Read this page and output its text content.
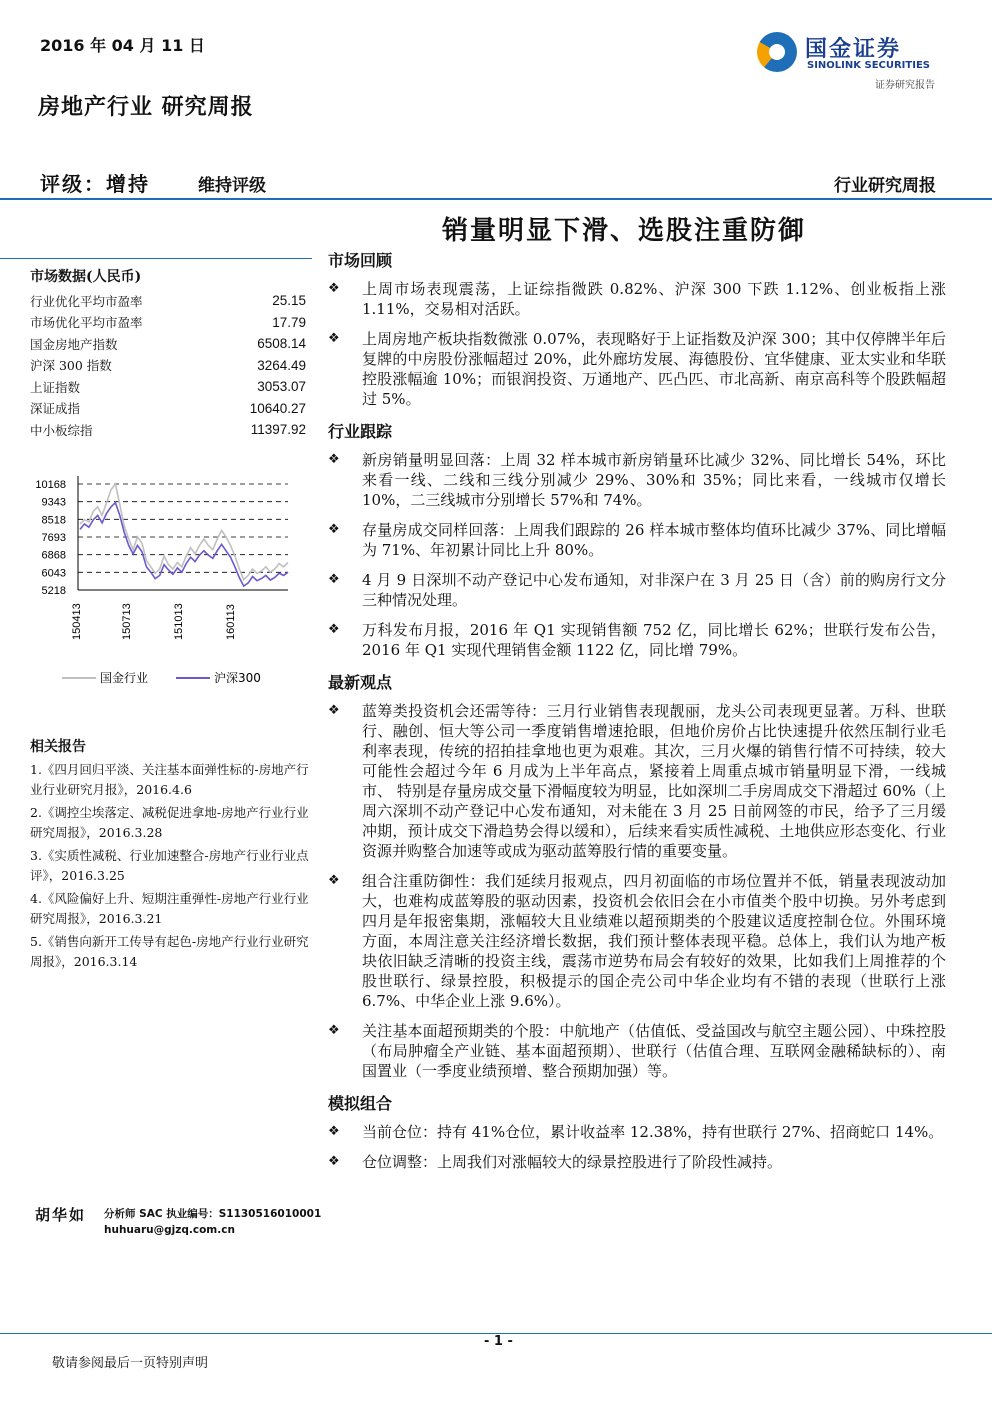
2016 年 04 月 11 日	国金证券
SINOLINK SECURITIES
证券研究报告
房地产行业 研究周报
评级：增持	维持评级	行业研究周报
销量明显下滑、选股注重防御
市场数据(人民币)
行业优化平均市盈率	25.15
市场优化平均市盈率	17.79
国金房地产指数	6508.14
沪深 300 指数	3264.49
上证指数	3053.07
深证成指	10640.27
中小板综指	11397.92
10168
9343
8518
7693
6868
6043
5218
150413	150713	151013	160113
国金行业	沪深300
相关报告
1.《四月回归平淡、关注基本面弹性标的-房地产行业行业研究月报》，2016.4.6
2.《调控尘埃落定、减税促进拿地-房地产行业行业研究周报》，2016.3.28
3.《实质性减税、行业加速整合-房地产行业行业点评》，2016.3.25
4.《风险偏好上升、短期注重弹性-房地产行业行业研究周报》，2016.3.21
5.《销售向新开工传导有起色-房地产行业行业研究周报》，2016.3.14
胡华如 分析师 SAC 执业编号：S1130516010001
huhuaru@gjzq.com.cn
市场回顾
❖ 上周市场表现震荡，上证综指微跌 0.82%、沪深 300 下跌 1.12%、创业板指上涨 1.11%，交易相对活跃。
❖ 上周房地产板块指数微涨 0.07%，表现略好于上证指数及沪深 300；其中仅停牌半年后复牌的中房股份涨幅超过 20%，此外廊坊发展、海德股份、宜华健康、亚太实业和华联控股涨幅逾 10%；而银润投资、万通地产、匹凸匹、市北高新、南京高科等个股跌幅超过 5%。
行业跟踪
❖ 新房销量明显回落：上周 32 样本城市新房销量环比减少 32%、同比增长 54%，环比来看一线、二线和三线分别减少 29%、30%和 35%；同比来看，一线城市仅增长 10%，二三线城市分别增长 57%和 74%。
❖ 存量房成交同样回落：上周我们跟踪的 26 样本城市整体均值环比减少 37%、同比增幅为 71%、年初累计同比上升 80%。
❖ 4 月 9 日深圳不动产登记中心发布通知，对非深户在 3 月 25 日（含）前的购房行文分三种情况处理。
❖ 万科发布月报，2016 年 Q1 实现销售额 752 亿，同比增长 62%；世联行发布公告，2016 年 Q1 实现代理销售金额 1122 亿，同比增 79%。
最新观点
❖ 蓝筹类投资机会还需等待：三月行业销售表现靓丽，龙头公司表现更显著。万科、世联行、融创、恒大等公司一季度销售增速抢眼，但地价房价占比快速提升依然压制行业毛利率表现，传统的招拍挂拿地也更为艰难。其次，三月火爆的销售行情不可持续，较大可能性会超过今年 6 月成为上半年高点，紧接着上周重点城市销量明显下滑，一线城市、 特别是存量房成交量下滑幅度较为明显，比如深圳二手房周成交下滑超过 60%（上周六深圳不动产登记中心发布通知，对未能在 3 月 25 日前网签的市民，给予了三月缓冲期，预计成交下滑趋势会得以缓和），后续来看实质性减税、土地供应形态变化、行业资源并购整合加速等或成为驱动蓝筹股行情的重要变量。
❖ 组合注重防御性：我们延续月报观点，四月初面临的市场位置并不低，销量表现波动加大，也难构成蓝筹股的驱动因素，投资机会依旧会在小市值类个股中切换。另外考虑到四月是年报密集期，涨幅较大且业绩难以超预期类的个股建议适度控制仓位。外围环境方面，本周注意关注经济增长数据，我们预计整体表现平稳。总体上，我们认为地产板块依旧缺乏清晰的投资主线，震荡市逆势布局会有较好的效果，比如我们上周推荐的个股世联行、绿景控股，积极提示的国企壳公司中华企业均有不错的表现（世联行上涨 6.7%、中华企业上涨 9.6%）。
❖ 关注基本面超预期类的个股：中航地产（估值低、受益国改与航空主题公园）、中珠控股（布局肿瘤全产业链、基本面超预期）、世联行（估值合理、互联网金融稀缺标的）、南国置业（一季度业绩预增、整合预期加强）等。
模拟组合
❖ 当前仓位：持有 41%仓位，累计收益率 12.38%，持有世联行 27%、招商蛇口 14%。
❖ 仓位调整：上周我们对涨幅较大的绿景控股进行了阶段性减持。
- 1 -
敬请参阅最后一页特别声明
